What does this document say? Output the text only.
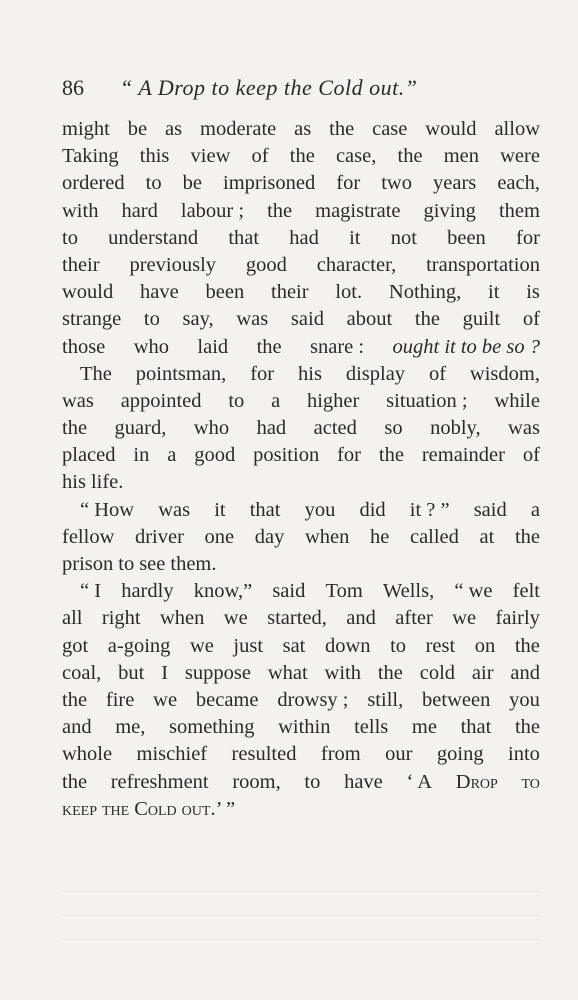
86 “ A Drop to keep the Cold out.”
might be as moderate as the case would allow
Taking this view of the case, the men were
ordered to be imprisoned for two years each,
with hard labour ; the magistrate giving them
to understand that had it not been for
their previously good character, transportation
would have been their lot. Nothing, it is
strange to say, was said about the guilt of
those who laid the snare : ought it to be so ?
The pointsman, for his display of wisdom,
was appointed to a higher situation ; while
the guard, who had acted so nobly, was
placed in a good position for the remainder of
his life.
“ How was it that you did it ? ” said a
fellow driver one day when he called at the
prison to see them.
“ I hardly know,” said Tom Wells, “ we felt
all right when we started, and after we fairly
got a-going we just sat down to rest on the
coal, but I suppose what with the cold air and
the fire we became drowsy ; still, between you
and me, something within tells me that the
whole mischief resulted from our going into
the refreshment room, to have ‘ A Drop to
keep the Cold out.’ ”
